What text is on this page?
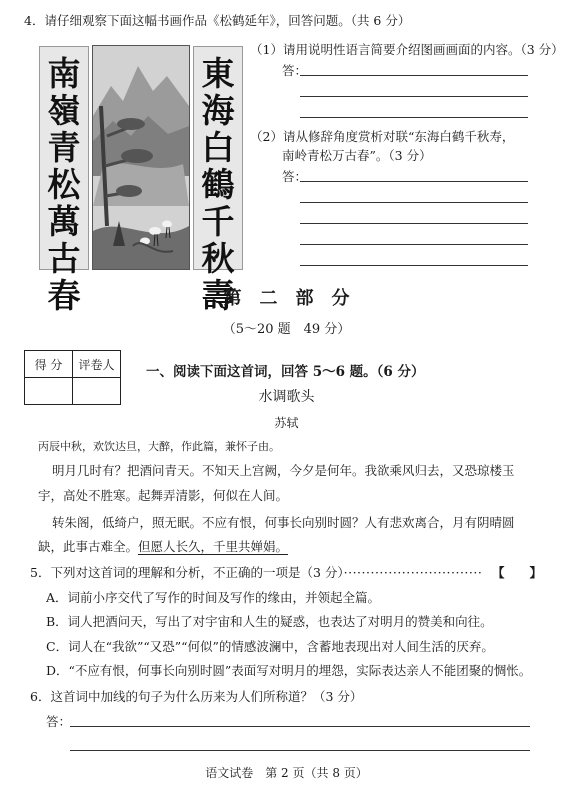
4．请仔细观察下面这幅书画作品《松鹤延年》，回答问题。（共 6 分）
南
嶺
青
松
萬
古
春
東
海
白
鶴
千
秋
壽
（1）请用说明性语言简要介绍图画画面的内容。（3 分）
答：
（2）请从修辞角度赏析对联“东海白鹤千秋寿，
南岭青松万古春”。（3 分）
答：
第　二　部　分
（5～20 题　49 分）
得 分	评卷人
	一、阅读下面这首词，回答 5～6 题。（6 分）
水调歌头
苏轼
丙辰中秋，欢饮达旦，大醉，作此篇，兼怀子由。
明月几时有？把酒问青天。不知天上宫阙，今夕是何年。我欲乘风归去，又恐琼楼玉
宇，高处不胜寒。起舞弄清影，何似在人间。
转朱阁，低绮户，照无眠。不应有恨，何事长向别时圆？人有悲欢离合，月有阴晴圆
缺，此事古难全。但愿人长久，千里共婵娟。
5．下列对这首词的理解和分析，不正确的一项是（3 分）······························· 【　　】
A．词前小序交代了写作的时间及写作的缘由，并领起全篇。
B．词人把酒问天，写出了对宇宙和人生的疑惑，也表达了对明月的赞美和向往。
C．词人在“我欲”“又恐”“何似”的情感波澜中，含蓄地表现出对人间生活的厌弃。
D．“不应有恨，何事长向别时圆”表面写对明月的埋怨，实际表达亲人不能团聚的惆怅。
6．这首词中加线的句子为什么历来为人们所称道？（3 分）
答：
语文试卷　第 2 页（共 8 页）
